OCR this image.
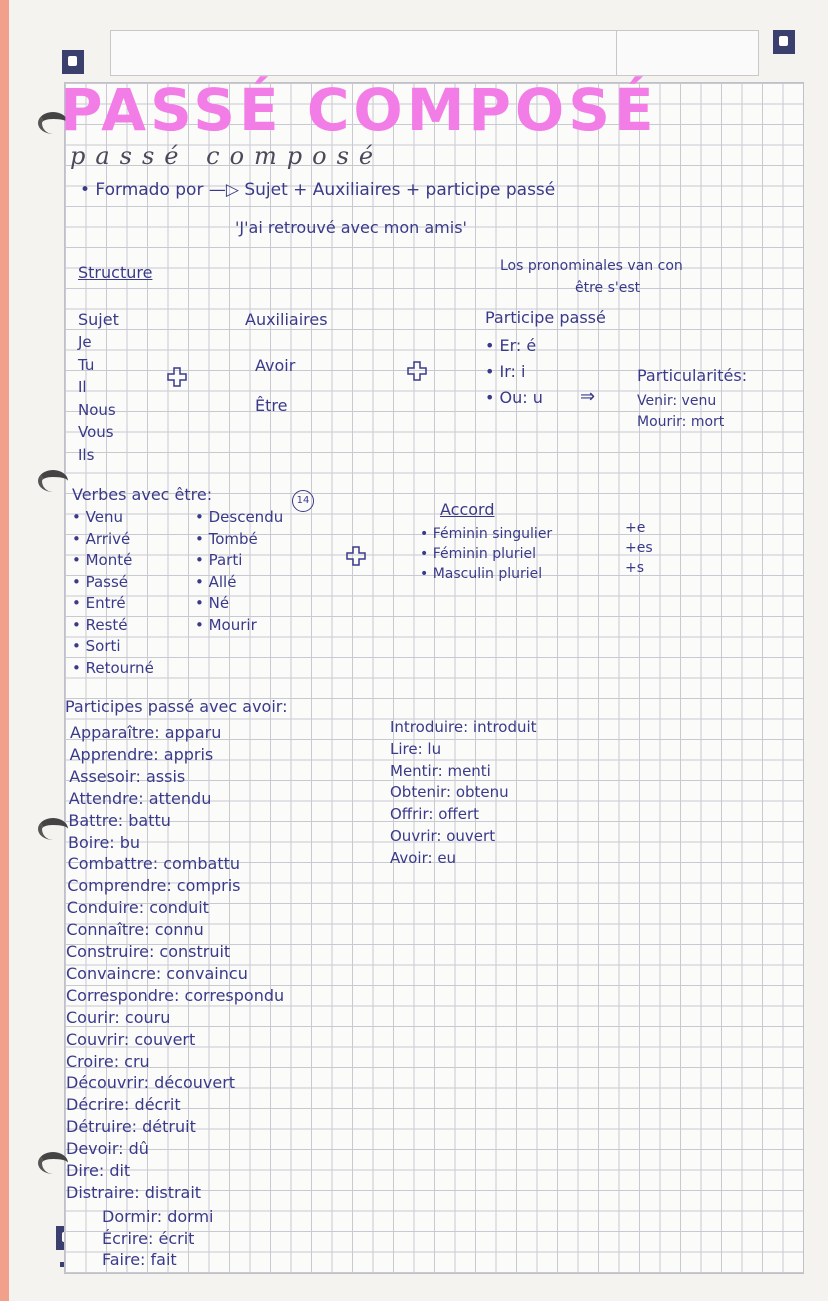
PASSÉ COMPOSÉ
passé composé
• Formado por —▷ Sujet + Auxiliaires + participe passé
'J'ai retrouvé avec mon amis'
Structure	Los pronominales van con
être s'est
Sujet
Je
Tu
Il
Nous
Vous
Ils
Auxiliaires
Avoir
Être
Participe passé
• Er: é
• Ir: i
• Ou: u ⇒
Particularités:
Venir: venu
Mourir: mort
Verbes avec être:	14
• Venu
• Arrivé
• Monté
• Passé
• Entré
• Resté
• Sorti
• Retourné
• Descendu
• Tombé
• Parti
• Allé
• Né
• Mourir
Accord
• Féminin singulier
• Féminin pluriel
• Masculin pluriel
+e
+es
+s
Participes passé avec avoir:
Apparaître: apparu
Apprendre: appris
Assesoir: assis
Attendre: attendu
Battre: battu
Boire: bu
Combattre: combattu
Comprendre: compris
Conduire: conduit
Connaître: connu
Construire: construit
Convaincre: convaincu
Correspondre: correspondu
Courir: couru
Couvrir: couvert
Croire: cru
Découvrir: découvert
Décrire: décrit
Détruire: détruit
Devoir: dû
Dire: dit
Distraire: distrait
Dormir: dormi
Écrire: écrit
Faire: fait
Introduire: introduit
Lire: lu
Mentir: menti
Obtenir: obtenu
Offrir: offert
Ouvrir: ouvert
Avoir: eu
